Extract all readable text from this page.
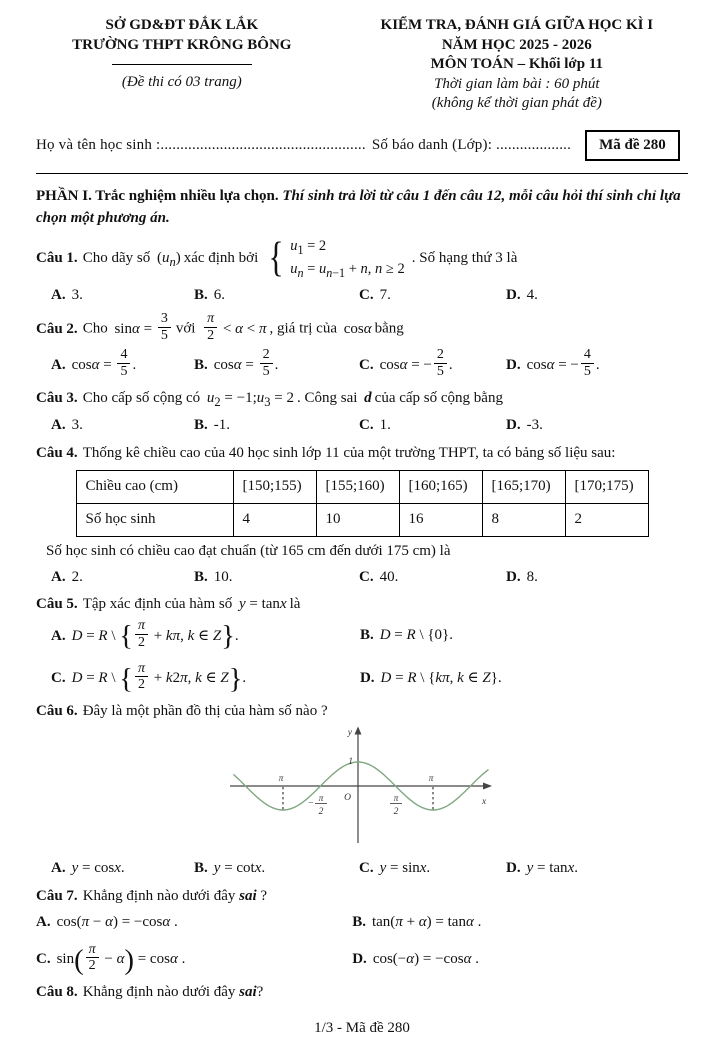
SỞ GD&ĐT ĐẮK LẮK
TRƯỜNG THPT KRÔNG BÔNG
(Đề thi có 03 trang)
KIỂM TRA, ĐÁNH GIÁ GIỮA HỌC KÌ I
NĂM HỌC 2025 - 2026
MÔN TOÁN – Khối lớp 11
Thời gian làm bài : 60 phút
(không kể thời gian phát đề)
Họ và tên học sinh :.................................................... Số báo danh (Lớp): ...................	Mã đề 280
PHẦN I. Trắc nghiệm nhiều lựa chọn. Thí sinh trả lời từ câu 1 đến câu 12, mỗi câu hỏi thí sinh chỉ lựa chọn một phương án.
Câu 1. Cho dãy số $(u_n)$ xác định bởi { $u_1 = 2$
$u_n = u_{n-1} + n$, n ≥ 2
. Số hạng thứ 3 là
A. 3.	B. 6.	C. 7.	D. 4.
Câu 2. Cho $\sin\alpha = \frac{3}{5}$ với $\frac{\pi}{2} < \alpha < \pi$ , giá trị của cosα bằng
A. $\cos\alpha = \frac{4}{5}$ .	B. $\cos\alpha = \frac{2}{5}$ .	C. cosα = − $\frac{2}{5}$ .	D. cosα = − $\frac{4}{5}$ .
Câu 3. Cho cấp số cộng có $u_2$ = $-1;u_3 = 2$ . Công sai d của cấp số cộng bằng
A. 3.	B. -1.	C. 1.	D. -3.
Câu 4. Thống kê chiều cao của 40 học sinh lớp 11 của một trường THPT, ta có bảng số liệu sau:
Chiều cao (cm)	[150;155)	[155;160)	[160;165)	[165;170)	[170;175)
Số học sinh	4	10	16	8	2
Số học sinh có chiều cao đạt chuẩn (từ 165 cm đến dưới 175 cm) là
A. 2.	B. 10.	C. 40.	D. 8.
Câu 5. Tập xác định của hàm số y = tanx là
A. D = R \ { $\frac{\pi}{2} + k\pi$, k ∈ Z}.	B. D = R \ {0}.
C. D = R \ { $\frac{\pi}{2} + k2\pi$, k ∈ Z}.	D. D = R \ {kπ, k ∈ Z}.
Câu 6. Đây là một phần đồ thị của hàm số nào ?
y
1
π	π
O	x
− π
2
π
2
A. y = cosx.	B. y = cotx.	C. y = sinx.	D. y = tanx.
Câu 7. Khẳng định nào dưới đây sai ?
A. cos(π − α) = −cosα .	B. tan(π + α) = tanα .
C. $\sin( \frac{\pi}{2} - \alpha) = \cos\alpha$ .	D. cos(−α) = −cosα .
Câu 8. Khẳng định nào dưới đây sai?
1/3 - Mã đề 280
